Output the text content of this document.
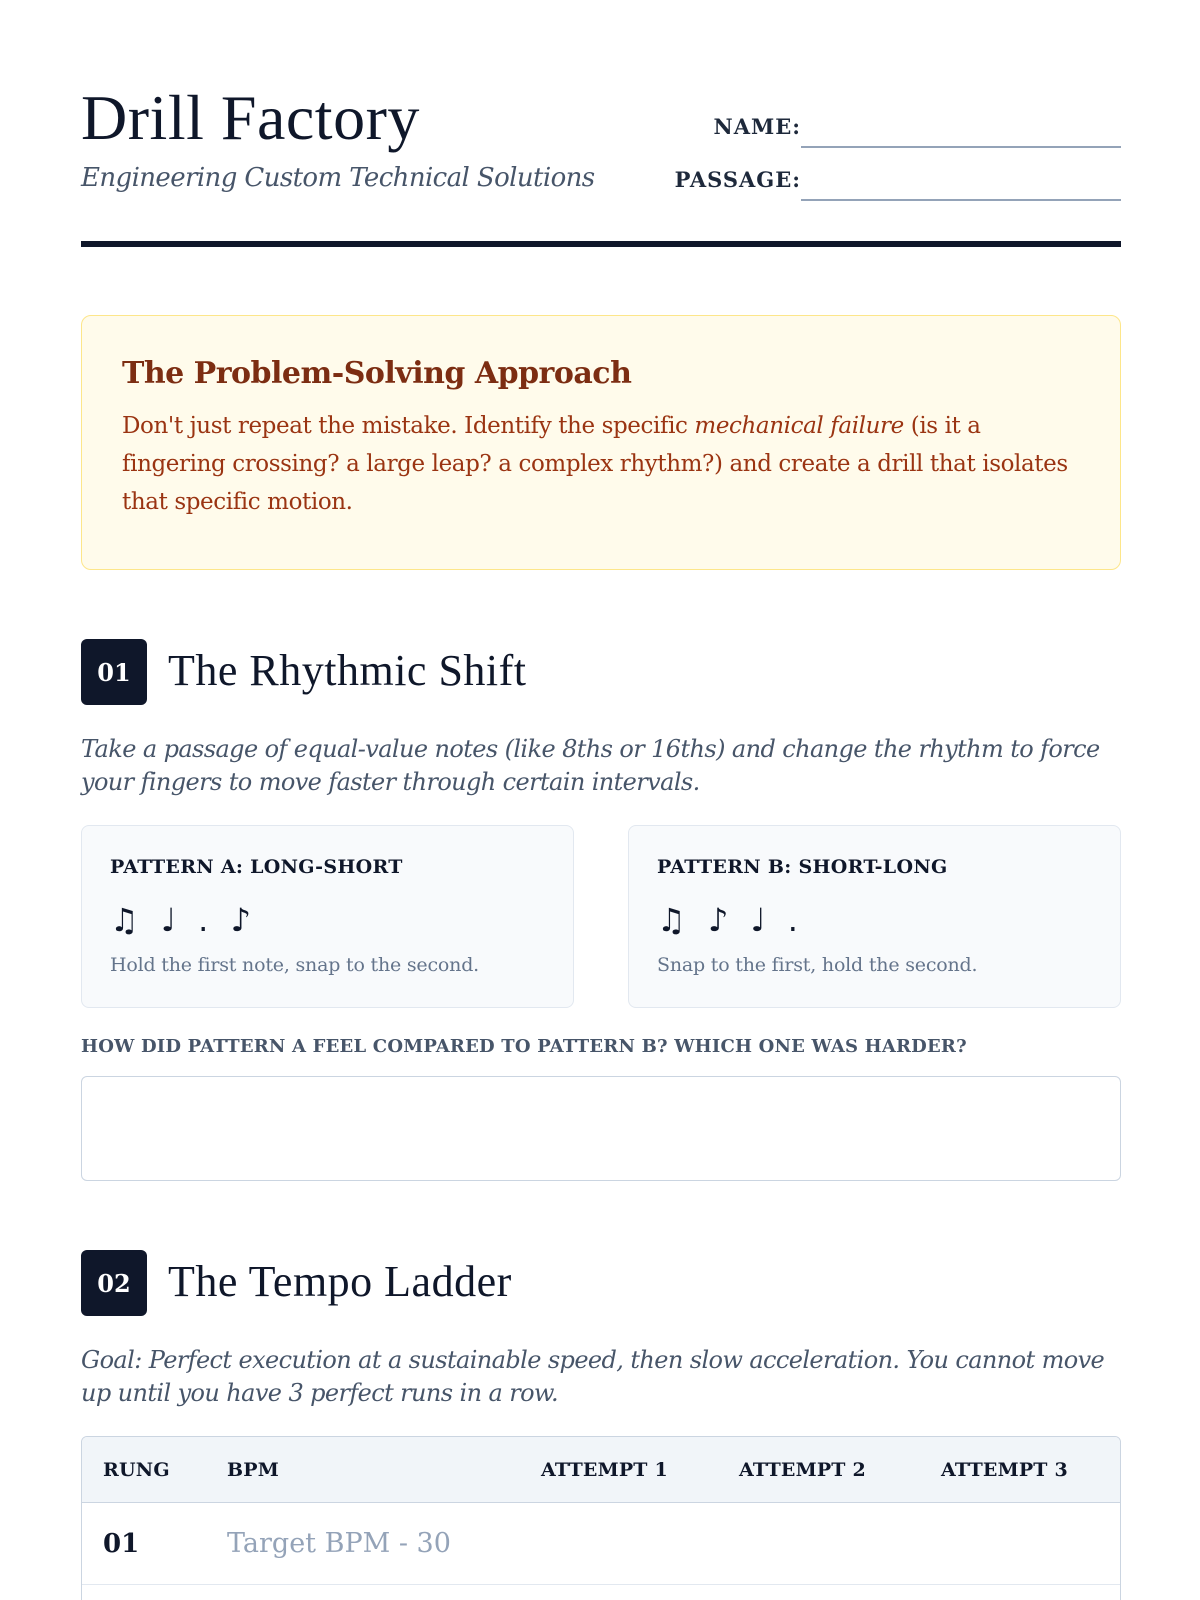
Drill Factory
Engineering Custom Technical Solutions
NAME:
PASSAGE:
The Problem-Solving Approach
Don't just repeat the mistake. Identify the specific mechanical failure (is it a fingering crossing? a large leap? a complex rhythm?) and create a drill that isolates that specific motion.
01 The Rhythmic Shift
Take a passage of equal-value notes (like 8ths or 16ths) and change the rhythm to force your fingers to move faster through certain intervals.
PATTERN A: LONG-SHORT
♫ ♩ . ♪
Hold the first note, snap to the second.
PATTERN B: SHORT-LONG
♫ ♪ ♩ .
Snap to the first, hold the second.
HOW DID PATTERN A FEEL COMPARED TO PATTERN B? WHICH ONE WAS HARDER?
02 The Tempo Ladder
Goal: Perfect execution at a sustainable speed, then slow acceleration. You cannot move up until you have 3 perfect runs in a row.
RUNG	BPM	ATTEMPT 1	ATTEMPT 2	ATTEMPT 3
01	Target BPM - 30
